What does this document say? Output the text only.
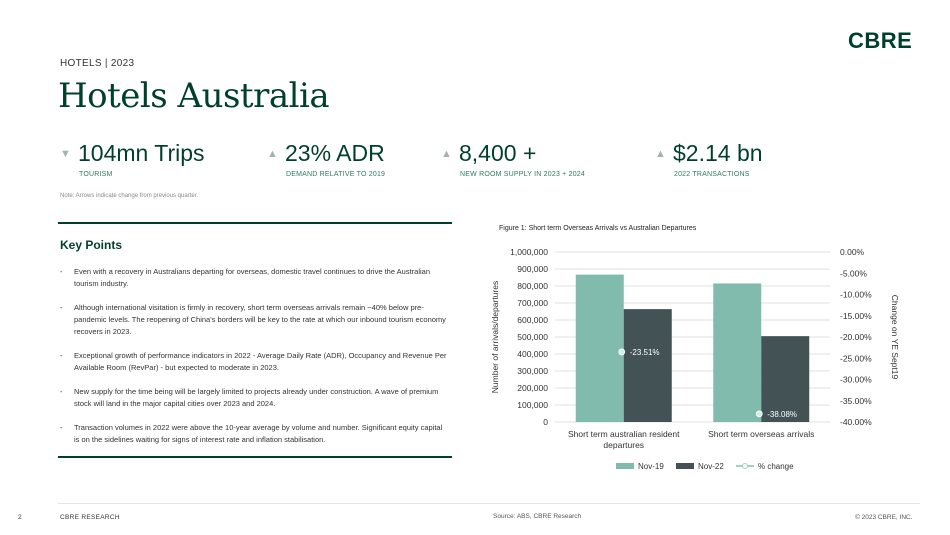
CBRE
HOTELS | 2023
Hotels Australia
▼ 104mn Trips
TOURISM
▲ 23% ADR
DEMAND RELATIVE TO 2019
▲ 8,400 +
NEW ROOM SUPPLY IN 2023 + 2024
▲ $2.14 bn
2022 TRANSACTIONS
Note: Arrows indicate change from previous quarter.
Key Points
- Even with a recovery in Australians departing for overseas, domestic travel continues to drive the Australian tourism industry.
- Although international visitation is firmly in recovery, short term overseas arrivals remain ~40% below pre-pandemic levels. The reopening of China's borders will be key to the rate at which our inbound tourism economy recovers in 2023.
- Exceptional growth of performance indicators in 2022 - Average Daily Rate (ADR), Occupancy and Revenue Per Available Room (RevPar) - but expected to moderate in 2023.
- New supply for the time being will be largely limited to projects already under construction. A wave of premium stock will land in the major capital cities over 2023 and 2024.
- Transaction volumes in 2022 were above the 10-year average by volume and number. Significant equity capital is on the sidelines waiting for signs of interest rate and inflation stabilisation.
Figure 1: Short term Overseas Arrivals vs Australian Departures
0
100,000
200,000
300,000
400,000
500,000
600,000
700,000
800,000
900,000
1,000,000	0.00%
-5.00%
-10.00%
-15.00%
-20.00%
-25.00%
-30.00%
-35.00%
-40.00%
Number of arrivals/departures	Change on YE Sept19
Short term australian resident
departures
Short term overseas arrivals
-23.51%
-38.08%
Nov-19	Nov-22	% change
2	CBRE RESEARCH	Source: ABS, CBRE Research	© 2023 CBRE, INC.
